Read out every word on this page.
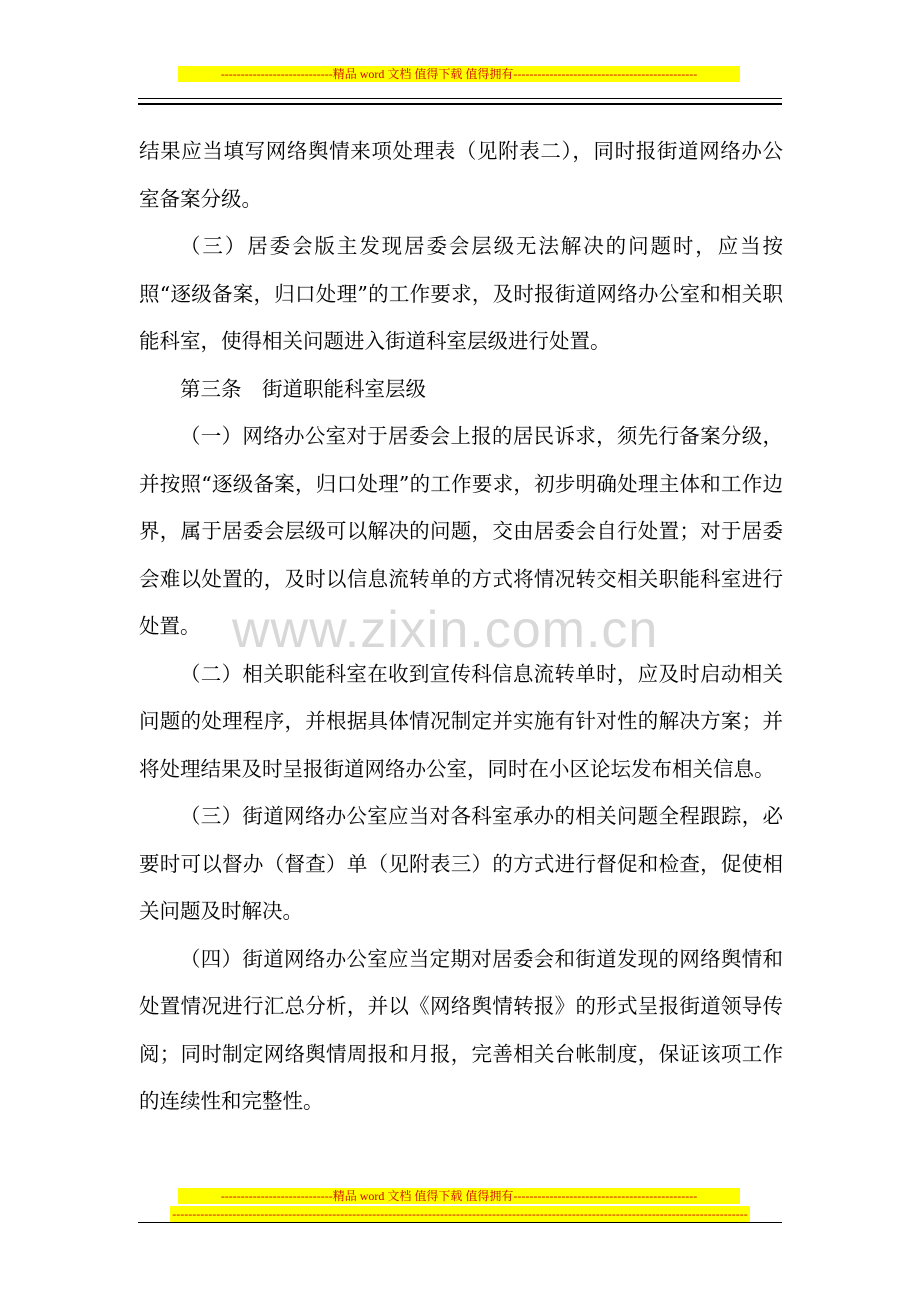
----------------------------精品 word 文档 值得下载 值得拥有----------------------------------------------

结果应当填写网络舆情来项处理表（见附表二），同时报街道网络办公室备案分级。

（三）居委会版主发现居委会层级无法解决的问题时，应当按照“逐级备案，归口处理”的工作要求，及时报街道网络办公室和相关职能科室，使得相关问题进入街道科室层级进行处置。

第三条　街道职能科室层级

（一）网络办公室对于居委会上报的居民诉求，须先行备案分级，并按照“逐级备案，归口处理”的工作要求，初步明确处理主体和工作边界，属于居委会层级可以解决的问题，交由居委会自行处置；对于居委会难以处置的，及时以信息流转单的方式将情况转交相关职能科室进行处置。

（二）相关职能科室在收到宣传科信息流转单时，应及时启动相关问题的处理程序，并根据具体情况制定并实施有针对性的解决方案；并将处理结果及时呈报街道网络办公室，同时在小区论坛发布相关信息。

（三）街道网络办公室应当对各科室承办的相关问题全程跟踪，必要时可以督办（督查）单（见附表三）的方式进行督促和检查，促使相关问题及时解决。

（四）街道网络办公室应当定期对居委会和街道发现的网络舆情和处置情况进行汇总分析，并以《网络舆情转报》的形式呈报街道领导传阅；同时制定网络舆情周报和月报，完善相关台帐制度，保证该项工作的连续性和完整性。

www.zixin.com.cn
----------------------------精品 word 文档 值得下载 值得拥有----------------------------------------------
------------------------------------------------------------------------------------------------------------------------------------------------
